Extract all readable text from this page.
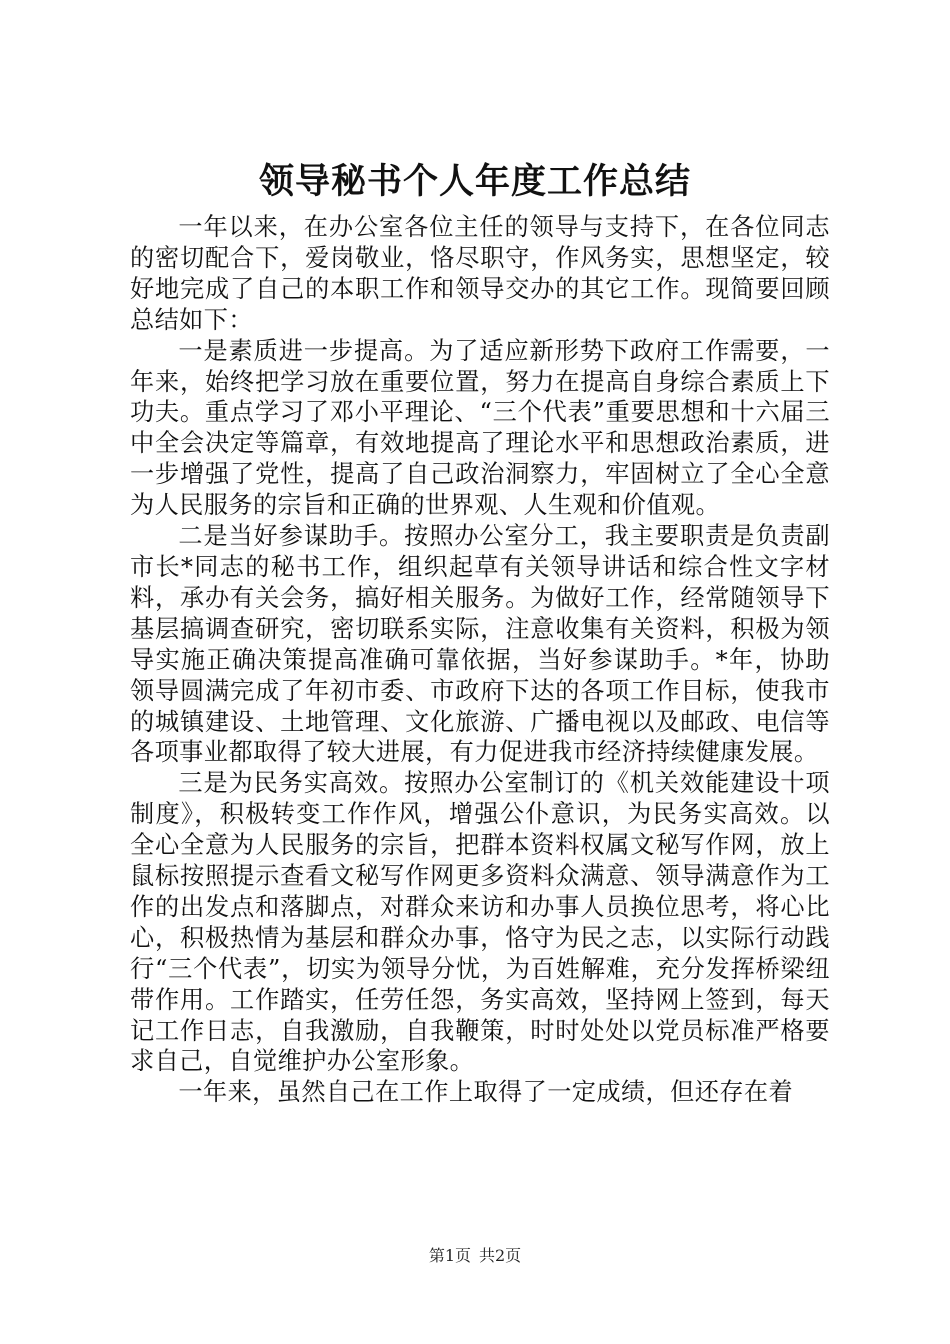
领导秘书个人年度工作总结

一年以来，在办公室各位主任的领导与支持下，在各位同志的密切配合下，爱岗敬业，恪尽职守，作风务实，思想坚定，较好地完成了自己的本职工作和领导交办的其它工作。现简要回顾总结如下：

一是素质进一步提高。为了适应新形势下政府工作需要，一年来，始终把学习放在重要位置，努力在提高自身综合素质上下功夫。重点学习了邓小平理论、“三个代表”重要思想和十六届三中全会决定等篇章，有效地提高了理论水平和思想政治素质，进一步增强了党性，提高了自己政治洞察力，牢固树立了全心全意为人民服务的宗旨和正确的世界观、人生观和价值观。

二是当好参谋助手。按照办公室分工，我主要职责是负责副市长*同志的秘书工作，组织起草有关领导讲话和综合性文字材料，承办有关会务，搞好相关服务。为做好工作，经常随领导下基层搞调查研究，密切联系实际，注意收集有关资料，积极为领导实施正确决策提高准确可靠依据，当好参谋助手。*年，协助领导圆满完成了年初市委、市政府下达的各项工作目标，使我市的城镇建设、土地管理、文化旅游、广播电视以及邮政、电信等各项事业都取得了较大进展，有力促进我市经济持续健康发展。

三是为民务实高效。按照办公室制订的《机关效能建设十项制度》，积极转变工作作风，增强公仆意识，为民务实高效。以全心全意为人民服务的宗旨，把群本资料权属文秘写作网，放上鼠标按照提示查看文秘写作网更多资料众满意、领导满意作为工作的出发点和落脚点，对群众来访和办事人员换位思考，将心比心，积极热情为基层和群众办事，恪守为民之志，以实际行动践行“三个代表”，切实为领导分忧，为百姓解难，充分发挥桥梁纽带作用。工作踏实，任劳任怨，务实高效，坚持网上签到，每天记工作日志，自我激励，自我鞭策，时时处处以党员标准严格要求自己，自觉维护办公室形象。

一年来，虽然自己在工作上取得了一定成绩，但还存在着

第1页 共2页
